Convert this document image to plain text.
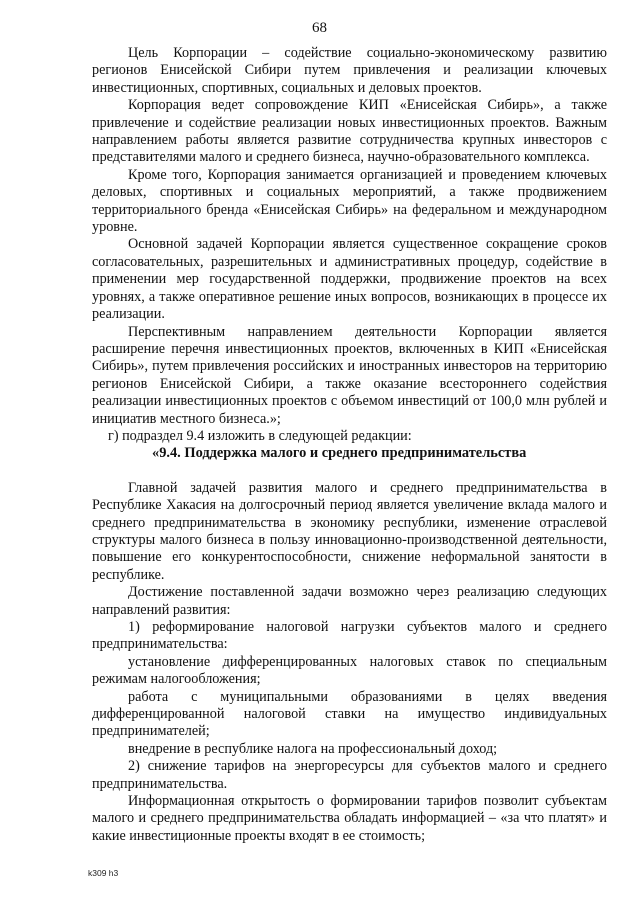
68

Цель Корпорации – содействие социально-экономическому развитию регионов Енисейской Сибири путем привлечения и реализации ключевых инвестиционных, спортивных, социальных и деловых проектов.

Корпорация ведет сопровождение КИП «Енисейская Сибирь», а также привлечение и содействие реализации новых инвестиционных проектов. Важным направлением работы является развитие сотрудничества крупных инвесторов с представителями малого и среднего бизнеса, научно-образовательного комплекса.

Кроме того, Корпорация занимается организацией и проведением ключевых деловых, спортивных и социальных мероприятий, а также продвижением территориального бренда «Енисейская Сибирь» на федеральном и международном уровне.

Основной задачей Корпорации является существенное сокращение сроков согласовательных, разрешительных и административных процедур, содействие в применении мер государственной поддержки, продвижение проектов на всех уровнях, а также оперативное решение иных вопросов, возникающих в процессе их реализации.

Перспективным направлением деятельности Корпорации является расширение перечня инвестиционных проектов, включенных в КИП «Енисейская Сибирь», путем привлечения российских и иностранных инвесторов на территорию регионов Енисейской Сибири, а также оказание всестороннего содействия реализации инвестиционных проектов с объемом инвестиций от 100,0 млн рублей и инициатив местного бизнеса.»;

г) подраздел 9.4 изложить в следующей редакции:

«9.4. Поддержка малого и среднего предпринимательства

Главной задачей развития малого и среднего предпринимательства в Республике Хакасия на долгосрочный период является увеличение вклада малого и среднего предпринимательства в экономику республики, изменение отраслевой структуры малого бизнеса в пользу инновационно-производственной деятельности, повышение его конкурентоспособности, снижение неформальной занятости в республике.

Достижение поставленной задачи возможно через реализацию следующих направлений развития:

1) реформирование налоговой нагрузки субъектов малого и среднего предпринимательства:

установление дифференцированных налоговых ставок по специальным режимам налогообложения;

работа с муниципальными образованиями в целях введения дифференцированной налоговой ставки на имущество индивидуальных предпринимателей;

внедрение в республике налога на профессиональный доход;

2) снижение тарифов на энергоресурсы для субъектов малого и среднего предпринимательства.

Информационная открытость о формировании тарифов позволит субъектам малого и среднего предпринимательства обладать информацией – «за что платят» и какие инвестиционные проекты входят в ее стоимость;

k309 h3
